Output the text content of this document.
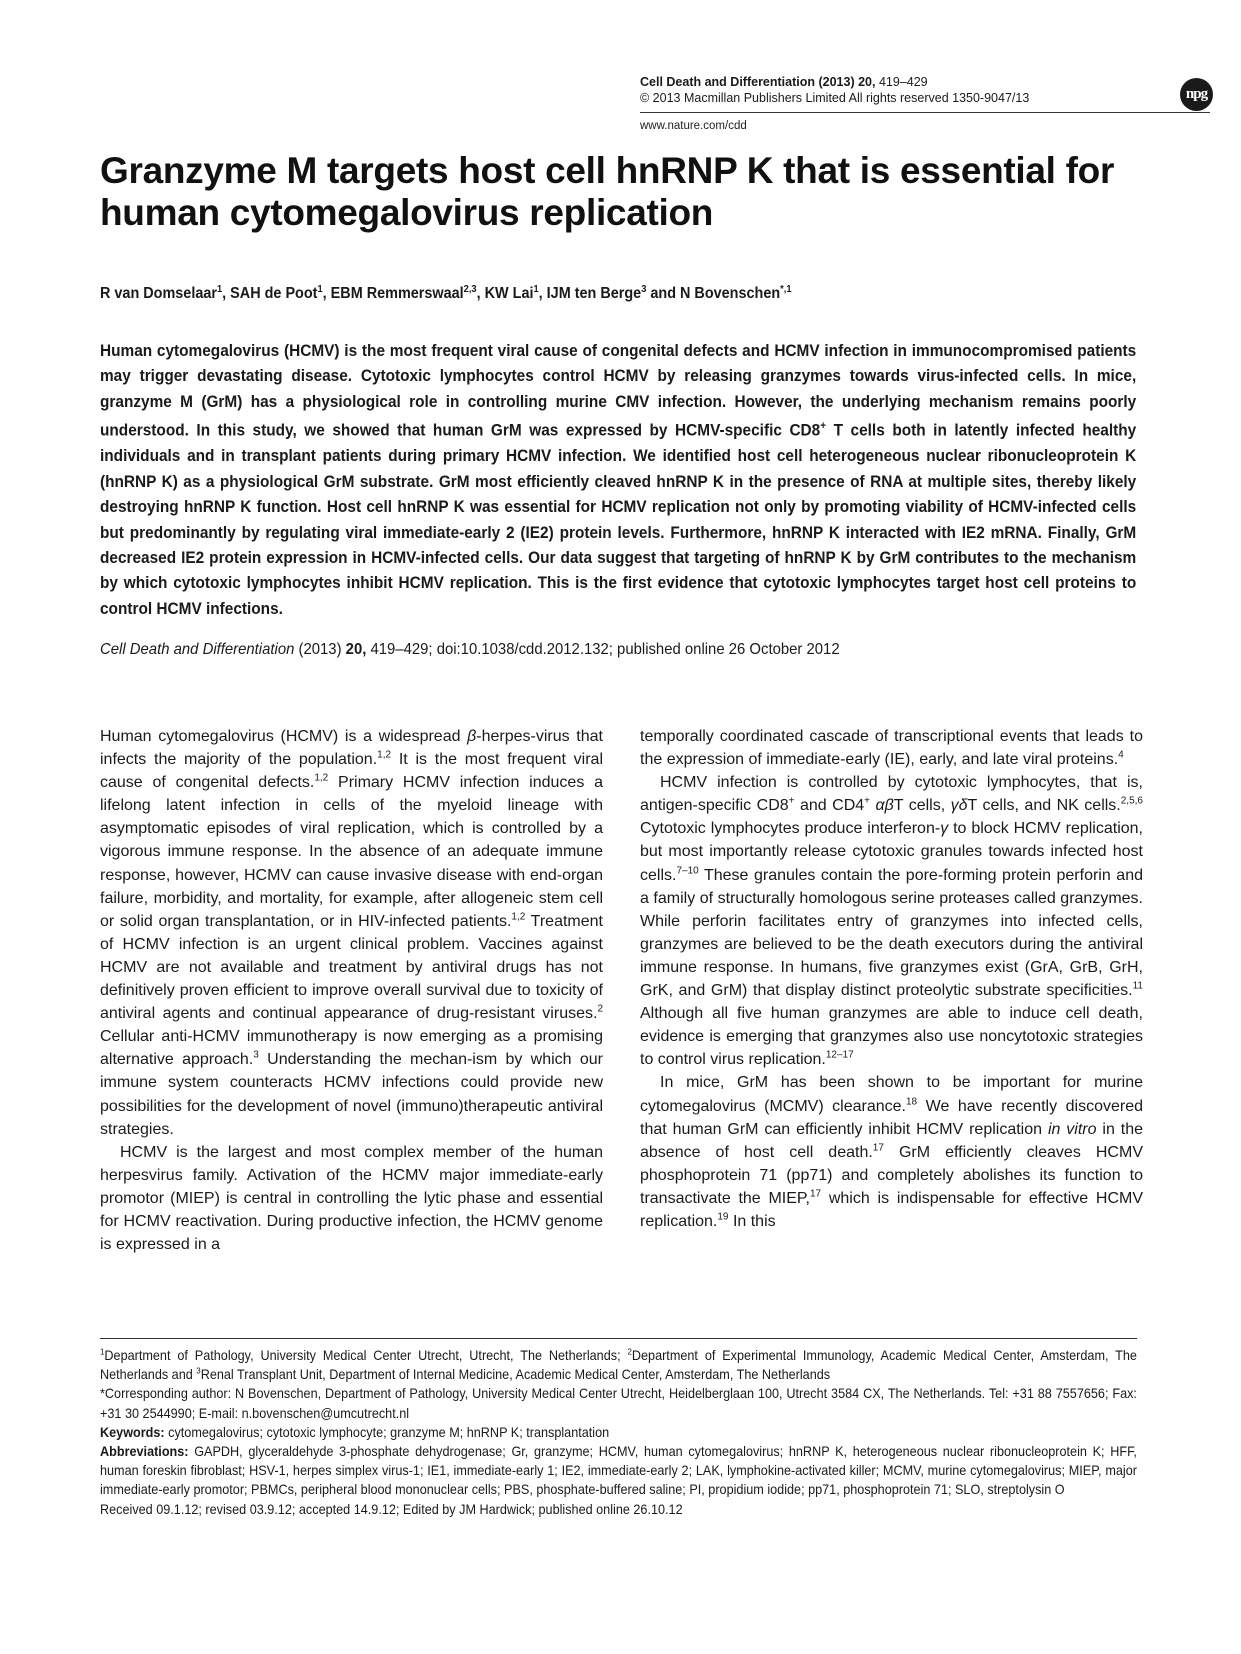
Cell Death and Differentiation (2013) 20, 419–429
© 2013 Macmillan Publishers Limited All rights reserved 1350-9047/13
www.nature.com/cdd
npg
Granzyme M targets host cell hnRNP K that is essential for human cytomegalovirus replication
R van Domselaar$^1$, SAH de Poot$^1$, EBM Remmerswaal$^{2,3}$, KW Lai$^1$, IJM ten Berge$^3$ and N Bovenschen$^{*,1}$

Human cytomegalovirus (HCMV) is the most frequent viral cause of congenital defects and HCMV infection in immunocompromised patients may trigger devastating disease. Cytotoxic lymphocytes control HCMV by releasing granzymes towards virus-infected cells. In mice, granzyme M (GrM) has a physiological role in controlling murine CMV infection. However, the underlying mechanism remains poorly understood. In this study, we showed that human GrM was expressed by HCMV-specific CD8+ T cells both in latently infected healthy individuals and in transplant patients during primary HCMV infection. We identified host cell heterogeneous nuclear ribonucleoprotein K (hnRNP K) as a physiological GrM substrate. GrM most efficiently cleaved hnRNP K in the presence of RNA at multiple sites, thereby likely destroying hnRNP K function. Host cell hnRNP K was essential for HCMV replication not only by promoting viability of HCMV-infected cells but predominantly by regulating viral immediate-early 2 (IE2) protein levels. Furthermore, hnRNP K interacted with IE2 mRNA. Finally, GrM decreased IE2 protein expression in HCMV-infected cells. Our data suggest that targeting of hnRNP K by GrM contributes to the mechanism by which cytotoxic lymphocytes inhibit HCMV replication. This is the first evidence that cytotoxic lymphocytes target host cell proteins to control HCMV infections.

Cell Death and Differentiation (2013) 20, 419–429; doi:10.1038/cdd.2012.132; published online 26 October 2012

Human cytomegalovirus (HCMV) is a widespread β-herpes-virus that infects the majority of the population.$^{1,2}$ It is the most frequent viral cause of congenital defects.$^{1,2}$ Primary HCMV infection induces a lifelong latent infection in cells of the myeloid lineage with asymptomatic episodes of viral replication, which is controlled by a vigorous immune response. In the absence of an adequate immune response, however, HCMV can cause invasive disease with end-organ failure, morbidity, and mortality, for example, after allogeneic stem cell or solid organ transplantation, or in HIV-infected patients.$^{1,2}$ Treatment of HCMV infection is an urgent clinical problem. Vaccines against HCMV are not available and treatment by antiviral drugs has not definitively proven efficient to improve overall survival due to toxicity of antiviral agents and continual appearance of drug-resistant viruses.$^2$ Cellular anti-HCMV immunotherapy is now emerging as a promising alternative approach.$^3$ Understanding the mechan-ism by which our immune system counteracts HCMV infections could provide new possibilities for the development of novel (immuno)therapeutic antiviral strategies.

HCMV is the largest and most complex member of the human herpesvirus family. Activation of the HCMV major immediate-early promotor (MIEP) is central in controlling the lytic phase and essential for HCMV reactivation. During productive infection, the HCMV genome is expressed in a

temporally coordinated cascade of transcriptional events that leads to the expression of immediate-early (IE), early, and late viral proteins.$^4$

HCMV infection is controlled by cytotoxic lymphocytes, that is, antigen-specific CD8+ and CD4+ αβT cells, γδT cells, and NK cells.$^{2,5,6}$ Cytotoxic lymphocytes produce interferon-γ to block HCMV replication, but most importantly release cytotoxic granules towards infected host cells.$^{7-10}$ These granules contain the pore-forming protein perforin and a family of structurally homologous serine proteases called granzymes. While perforin facilitates entry of granzymes into infected cells, granzymes are believed to be the death executors during the antiviral immune response. In humans, five granzymes exist (GrA, GrB, GrH, GrK, and GrM) that display distinct proteolytic substrate specificities.$^{11}$ Although all five human granzymes are able to induce cell death, evidence is emerging that granzymes also use noncytotoxic strategies to control virus replication.$^{12-17}$

In mice, GrM has been shown to be important for murine cytomegalovirus (MCMV) clearance.$^{18}$ We have recently discovered that human GrM can efficiently inhibit HCMV replication in vitro in the absence of host cell death.$^{17}$ GrM efficiently cleaves HCMV phosphoprotein 71 (pp71) and completely abolishes its function to transactivate the MIEP,$^{17}$ which is indispensable for effective HCMV replication.$^{19}$ In this

$^1$Department of Pathology, University Medical Center Utrecht, Utrecht, The Netherlands; $^2$Department of Experimental Immunology, Academic Medical Center, Amsterdam, The Netherlands and $^3$Renal Transplant Unit, Department of Internal Medicine, Academic Medical Center, Amsterdam, The Netherlands

*Corresponding author: N Bovenschen, Department of Pathology, University Medical Center Utrecht, Heidelberglaan 100, Utrecht 3584 CX, The Netherlands. Tel: +31 88 7557656; Fax: +31 30 2544990; E-mail: n.bovenschen@umcutrecht.nl

Keywords: cytomegalovirus; cytotoxic lymphocyte; granzyme M; hnRNP K; transplantation

Abbreviations: GAPDH, glyceraldehyde 3-phosphate dehydrogenase; Gr, granzyme; HCMV, human cytomegalovirus; hnRNP K, heterogeneous nuclear ribonucleoprotein K; HFF, human foreskin fibroblast; HSV-1, herpes simplex virus-1; IE1, immediate-early 1; IE2, immediate-early 2; LAK, lymphokine-activated killer; MCMV, murine cytomegalovirus; MIEP, major immediate-early promotor; PBMCs, peripheral blood mononuclear cells; PBS, phosphate-buffered saline; PI, propidium iodide; pp71, phosphoprotein 71; SLO, streptolysin O

Received 09.1.12; revised 03.9.12; accepted 14.9.12; Edited by JM Hardwick; published online 26.10.12
